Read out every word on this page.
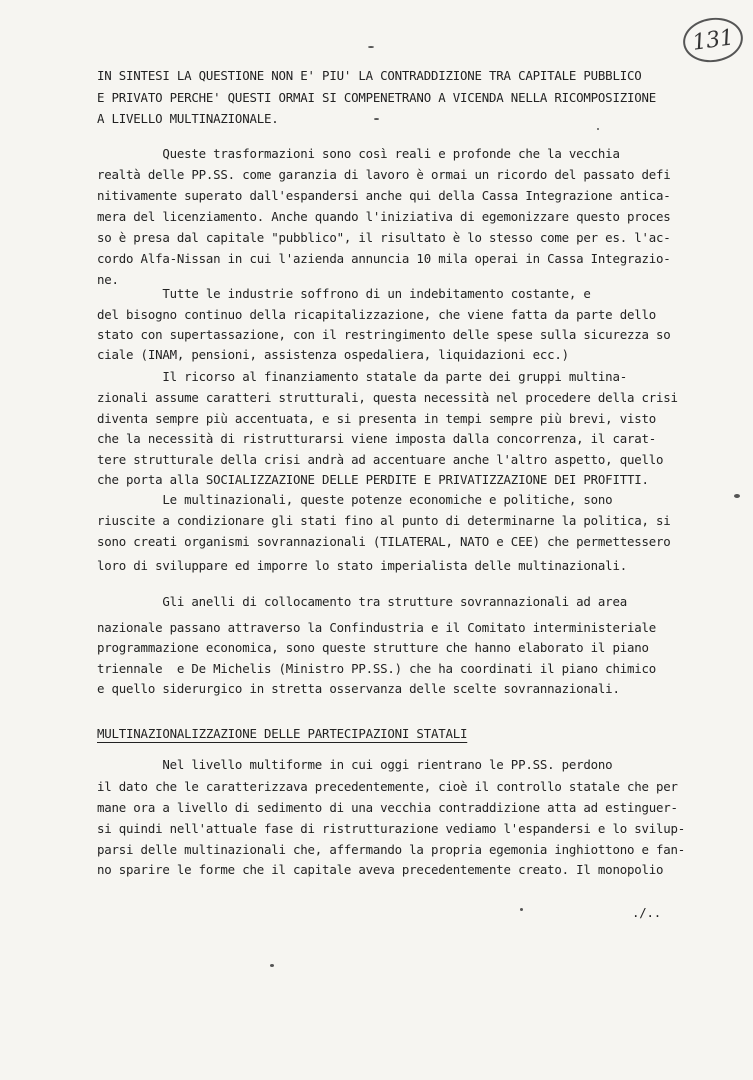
131
IN SINTESI LA QUESTIONE NON E' PIU' LA CONTRADDIZIONE TRA CAPITALE PUBBLICO
E PRIVATO PERCHE' QUESTI ORMAI SI COMPENETRANO A VICENDA NELLA RICOMPOSIZIONE
A LIVELLO MULTINAZIONALE.
Queste trasformazioni sono così reali e profonde che la vecchia
realtà delle PP.SS. come garanzia di lavoro è ormai un ricordo del passato defi
nitivamente superato dall'espandersi anche qui della Cassa Integrazione antica-
mera del licenziamento. Anche quando l'iniziativa di egemonizzare questo proces
so è presa dal capitale "pubblico", il risultato è lo stesso come per es. l'ac-
cordo Alfa-Nissan in cui l'azienda annuncia 10 mila operai in Cassa Integrazio-
ne.
Tutte le industrie soffrono di un indebitamento costante, e
del bisogno continuo della ricapitalizzazione, che viene fatta da parte dello
stato con supertassazione, con il restringimento delle spese sulla sicurezza so
ciale (INAM, pensioni, assistenza ospedaliera, liquidazioni ecc.)
Il ricorso al finanziamento statale da parte dei gruppi multina-
zionali assume caratteri strutturali, questa necessità nel procedere della crisi
diventa sempre più accentuata, e si presenta in tempi sempre più brevi, visto
che la necessità di ristrutturarsi viene imposta dalla concorrenza, il carat-
tere strutturale della crisi andrà ad accentuare anche l'altro aspetto, quello
che porta alla SOCIALIZZAZIONE DELLE PERDITE E PRIVATIZZAZIONE DEI PROFITTI.
Le multinazionali, queste potenze economiche e politiche, sono
riuscite a condizionare gli stati fino al punto di determinarne la politica, si
sono creati organismi sovrannazionali (TILATERAL, NATO e CEE) che permettessero
loro di sviluppare ed imporre lo stato imperialista delle multinazionali.
Gli anelli di collocamento tra strutture sovrannazionali ad area
nazionale passano attraverso la Confindustria e il Comitato interministeriale
programmazione economica, sono queste strutture che hanno elaborato il piano
triennale  e De Michelis (Ministro PP.SS.) che ha coordinati il piano chimico
e quello siderurgico in stretta osservanza delle scelte sovrannazionali.
MULTINAZIONALIZZAZIONE DELLE PARTECIPAZIONI STATALI
Nel livello multiforme in cui oggi rientrano le PP.SS. perdono
il dato che le caratterizzava precedentemente, cioè il controllo statale che per
mane ora a livello di sedimento di una vecchia contraddizione atta ad estinguer-
si quindi nell'attuale fase di ristrutturazione vediamo l'espandersi e lo svilup-
parsi delle multinazionali che, affermando la propria egemonia inghiottono e fan-
no sparire le forme che il capitale aveva precedentemente creato. Il monopolio
./..
